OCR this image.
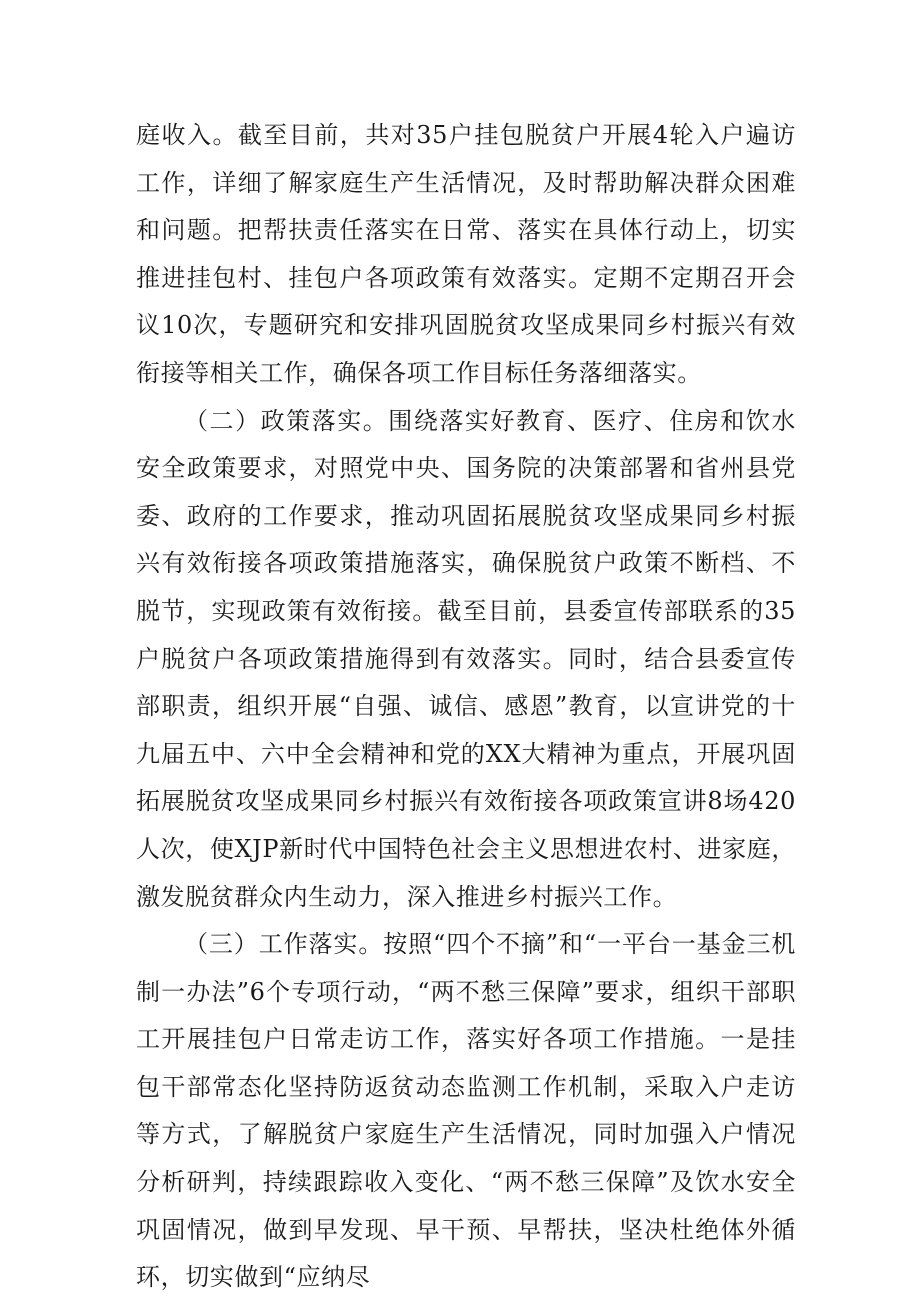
庭收入。截至目前，共对35户挂包脱贫户开展4轮入户遍访工作，详细了解家庭生产生活情况，及时帮助解决群众困难和问题。把帮扶责任落实在日常、落实在具体行动上，切实推进挂包村、挂包户各项政策有效落实。定期不定期召开会议10次，专题研究和安排巩固脱贫攻坚成果同乡村振兴有效衔接等相关工作，确保各项工作目标任务落细落实。

（二）政策落实。围绕落实好教育、医疗、住房和饮水安全政策要求，对照党中央、国务院的决策部署和省州县党委、政府的工作要求，推动巩固拓展脱贫攻坚成果同乡村振兴有效衔接各项政策措施落实，确保脱贫户政策不断档、不脱节，实现政策有效衔接。截至目前，县委宣传部联系的35户脱贫户各项政策措施得到有效落实。同时，结合县委宣传部职责，组织开展“自强、诚信、感恩”教育，以宣讲党的十九届五中、六中全会精神和党的XX大精神为重点，开展巩固拓展脱贫攻坚成果同乡村振兴有效衔接各项政策宣讲8场420人次，使XJP新时代中国特色社会主义思想进农村、进家庭，激发脱贫群众内生动力，深入推进乡村振兴工作。

（三）工作落实。按照“四个不摘”和“一平台一基金三机制一办法”6个专项行动，“两不愁三保障”要求，组织干部职工开展挂包户日常走访工作，落实好各项工作措施。一是挂包干部常态化坚持防返贫动态监测工作机制，采取入户走访等方式，了解脱贫户家庭生产生活情况，同时加强入户情况分析研判，持续跟踪收入变化、“两不愁三保障”及饮水安全巩固情况，做到早发现、早干预、早帮扶，坚决杜绝体外循环，切实做到“应纳尽
